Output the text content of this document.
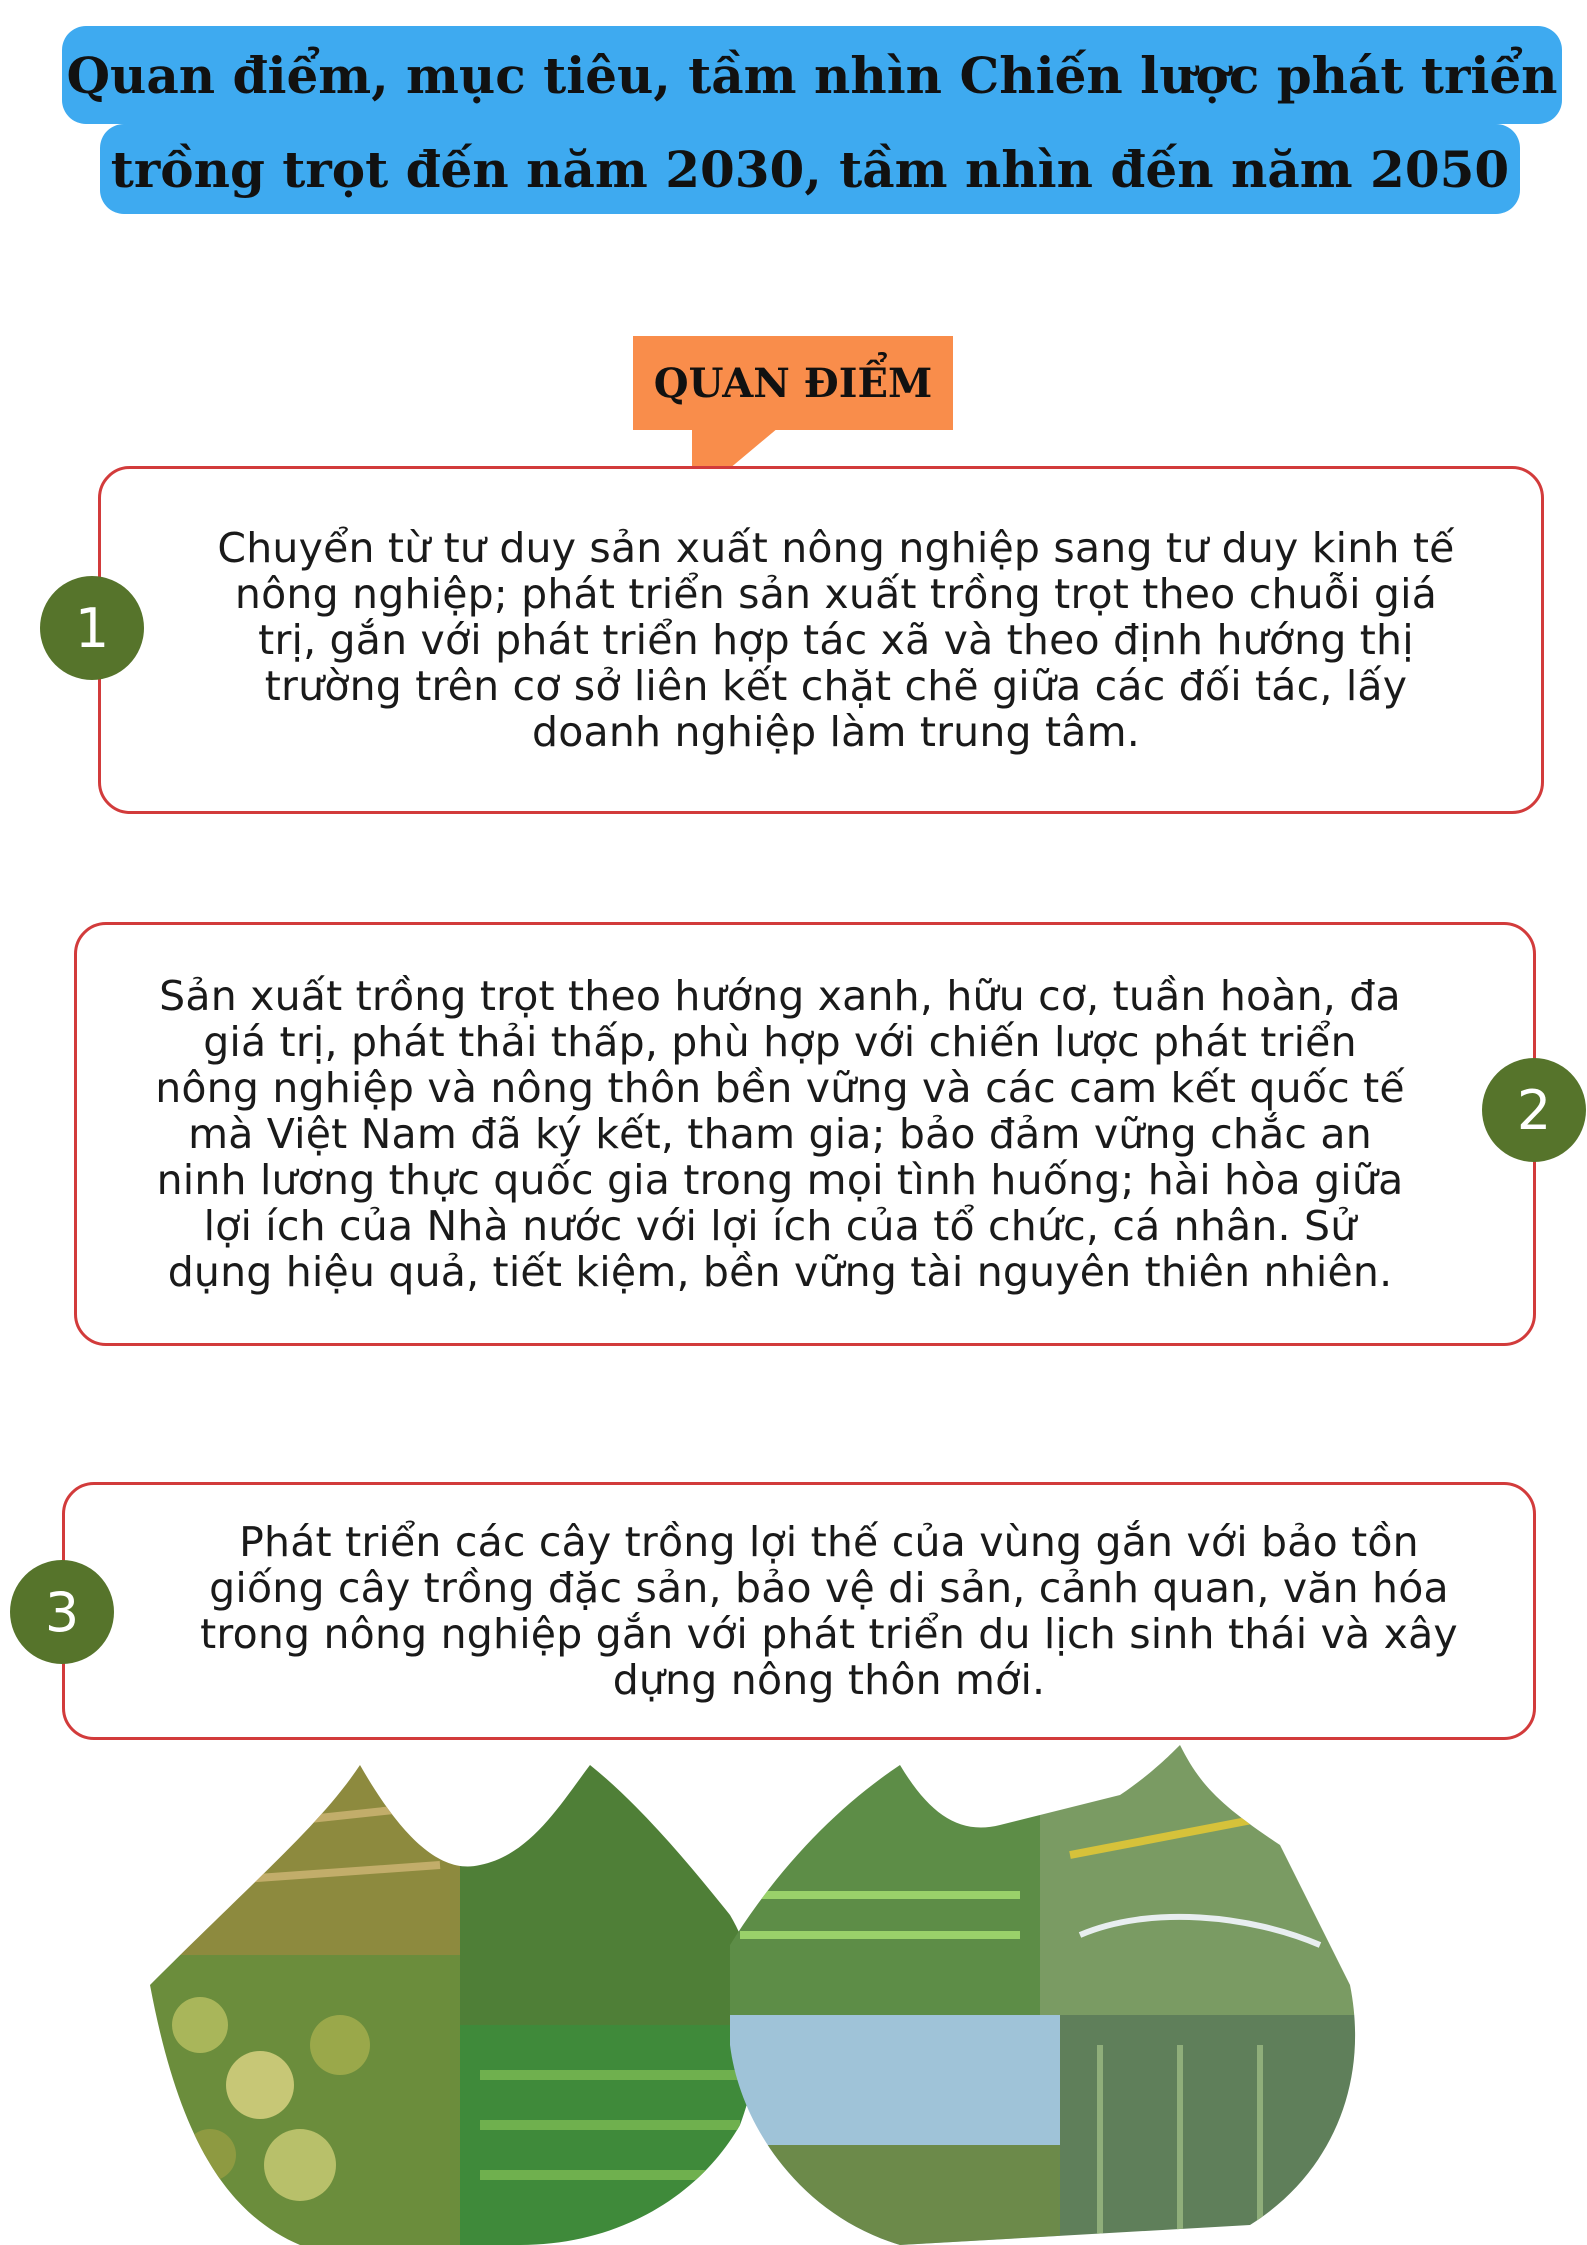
Quan điểm, mục tiêu, tầm nhìn Chiến lược phát triển
trồng trọt đến năm 2030, tầm nhìn đến năm 2050
QUAN ĐIỂM

Chuyển từ tư duy sản xuất nông nghiệp sang tư duy kinh tế nông nghiệp; phát triển sản xuất trồng trọt theo chuỗi giá trị, gắn với phát triển hợp tác xã và theo định hướng thị trường trên cơ sở liên kết chặt chẽ giữa các đối tác, lấy doanh nghiệp làm trung tâm.

1

Sản xuất trồng trọt theo hướng xanh, hữu cơ, tuần hoàn, đa giá trị, phát thải thấp, phù hợp với chiến lược phát triển nông nghiệp và nông thôn bền vững và các cam kết quốc tế mà Việt Nam đã ký kết, tham gia; bảo đảm vững chắc an ninh lương thực quốc gia trong mọi tình huống; hài hòa giữa lợi ích của Nhà nước với lợi ích của tổ chức, cá nhân. Sử dụng hiệu quả, tiết kiệm, bền vững tài nguyên thiên nhiên.

2

Phát triển các cây trồng lợi thế của vùng gắn với bảo tồn giống cây trồng đặc sản, bảo vệ di sản, cảnh quan, văn hóa trong nông nghiệp gắn với phát triển du lịch sinh thái và xây dựng nông thôn mới.

3
